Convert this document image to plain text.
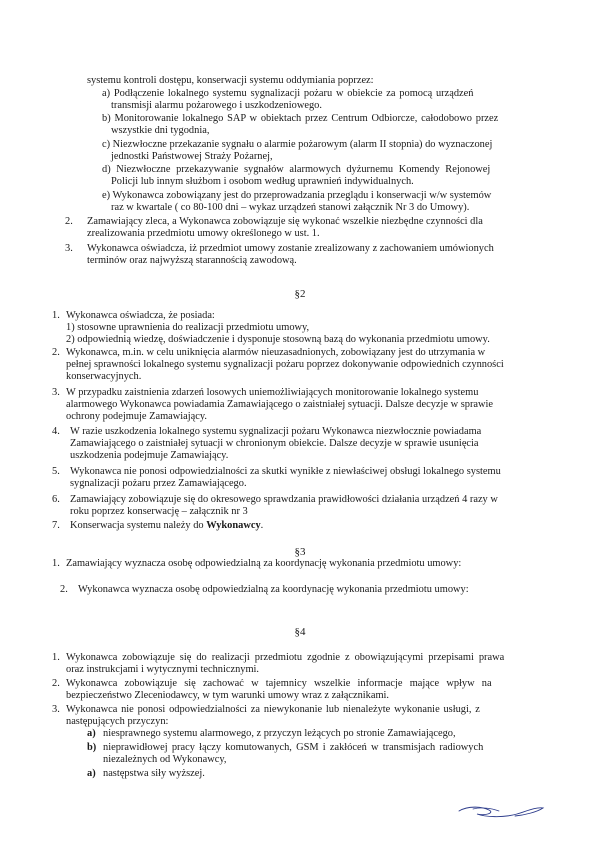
systemu kontroli dostępu, konserwacji systemu oddymiania poprzez:
a) Podłączenie lokalnego systemu sygnalizacji pożaru w obiekcie za pomocą urządzeń
transmisji alarmu pożarowego i uszkodzeniowego.
b) Monitorowanie lokalnego SAP w obiektach przez Centrum Odbiorcze, całodobowo przez
wszystkie dni tygodnia,
c) Niezwłoczne przekazanie sygnału o alarmie pożarowym (alarm II stopnia) do wyznaczonej
jednostki Państwowej Straży Pożarnej,
d) Niezwłoczne przekazywanie sygnałów alarmowych dyżurnemu Komendy Rejonowej
Policji lub innym służbom i osobom według uprawnień indywidualnych.
e) Wykonawca zobowiązany jest do przeprowadzania przeglądu i konserwacji w/w systemów
raz w kwartale ( co 80-100 dni – wykaz urządzeń stanowi załącznik Nr 3 do Umowy).
2. Zamawiający zleca, a Wykonawca zobowiązuje się wykonać wszelkie niezbędne czynności dla
zrealizowania przedmiotu umowy określonego w ust. 1.
3. Wykonawca oświadcza, iż przedmiot umowy zostanie zrealizowany z zachowaniem umówionych
terminów oraz najwyższą starannością zawodową.
§2
1. Wykonawca oświadcza, że posiada:
1) stosowne uprawnienia do realizacji przedmiotu umowy,
2) odpowiednią wiedzę, doświadczenie i dysponuje stosowną bazą do wykonania przedmiotu umowy.
2. Wykonawca, m.in. w celu uniknięcia alarmów nieuzasadnionych, zobowiązany jest do utrzymania w
pełnej sprawności lokalnego systemu sygnalizacji pożaru poprzez dokonywanie odpowiednich czynności
konserwacyjnych.
3. W przypadku zaistnienia zdarzeń losowych uniemożliwiających monitorowanie lokalnego systemu
alarmowego Wykonawca powiadamia Zamawiającego o zaistniałej sytuacji. Dalsze decyzje w sprawie
ochrony podejmuje Zamawiający.
4. W razie uszkodzenia lokalnego systemu sygnalizacji pożaru Wykonawca niezwłocznie powiadama
Zamawiającego o zaistniałej sytuacji w chronionym obiekcie. Dalsze decyzje w sprawie usunięcia
uszkodzenia podejmuje Zamawiający.
5. Wykonawca nie ponosi odpowiedzialności za skutki wynikłe z niewłaściwej obsługi lokalnego systemu
sygnalizacji pożaru przez Zamawiającego.
6. Zamawiający zobowiązuje się do okresowego sprawdzania prawidłowości działania urządzeń 4 razy w
roku poprzez konserwację – załącznik nr 3
7. Konserwacja systemu należy do Wykonawcy.
§3
1. Zamawiający wyznacza osobę odpowiedzialną za koordynację wykonania przedmiotu umowy:
2. Wykonawca wyznacza osobę odpowiedzialną za koordynację wykonania przedmiotu umowy:
§4
1. Wykonawca zobowiązuje się do realizacji przedmiotu zgodnie z obowiązującymi przepisami prawa
oraz instrukcjami i wytycznymi technicznymi.
2. Wykonawca zobowiązuje się zachować w tajemnicy wszelkie informacje mające wpływ na
bezpieczeństwo Zleceniodawcy, w tym warunki umowy wraz z załącznikami.
3. Wykonawca nie ponosi odpowiedzialności za niewykonanie lub nienależyte wykonanie usługi, z
następujących przyczyn:
a) niesprawnego systemu alarmowego, z przyczyn leżących po stronie Zamawiającego,
b) nieprawidłowej pracy łączy komutowanych, GSM i zakłóceń w transmisjach radiowych
niezależnych od Wykonawcy,
a) następstwa siły wyższej.
